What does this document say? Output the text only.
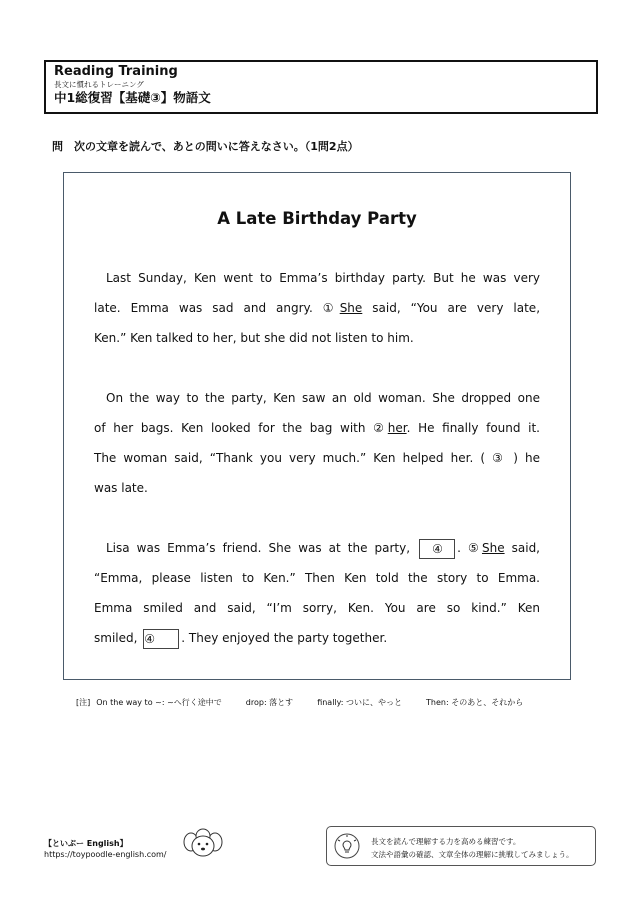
Reading Training
長文に慣れるトレーニング
中1総復習【基礎③】物語文
問　次の文章を読んで、あとの問いに答えなさい。（1問2点）
A Late Birthday Party
Last Sunday, Ken went to Emma’s birthday party. But he was very
late. Emma was sad and angry. ①She said, “You are very late,
Ken.” Ken talked to her, but she did not listen to him.
On the way to the party, Ken saw an old woman. She dropped one
of her bags. Ken looked for the bag with ②her. He finally found it.
The woman said, “Thank you very much.” Ken helped her. ( ③ ) he
was late.
Lisa was Emma’s friend. She was at the party, ④ . ⑤She said,
“Emma, please listen to Ken.” Then Ken told the story to Emma.
Emma smiled and said, “I’m sorry, Ken. You are so kind.” Ken
smiled, ④ . They enjoyed the party together.
[注] On the way to ~: ~へ行く途中で	drop: 落とす	finally: ついに、やっと	Then: そのあと、それから
【といぷー English】
https://toypoodle-english.com/
長文を読んで理解する力を高める練習です。
文法や語彙の確認、文章全体の理解に挑戦してみましょう。
